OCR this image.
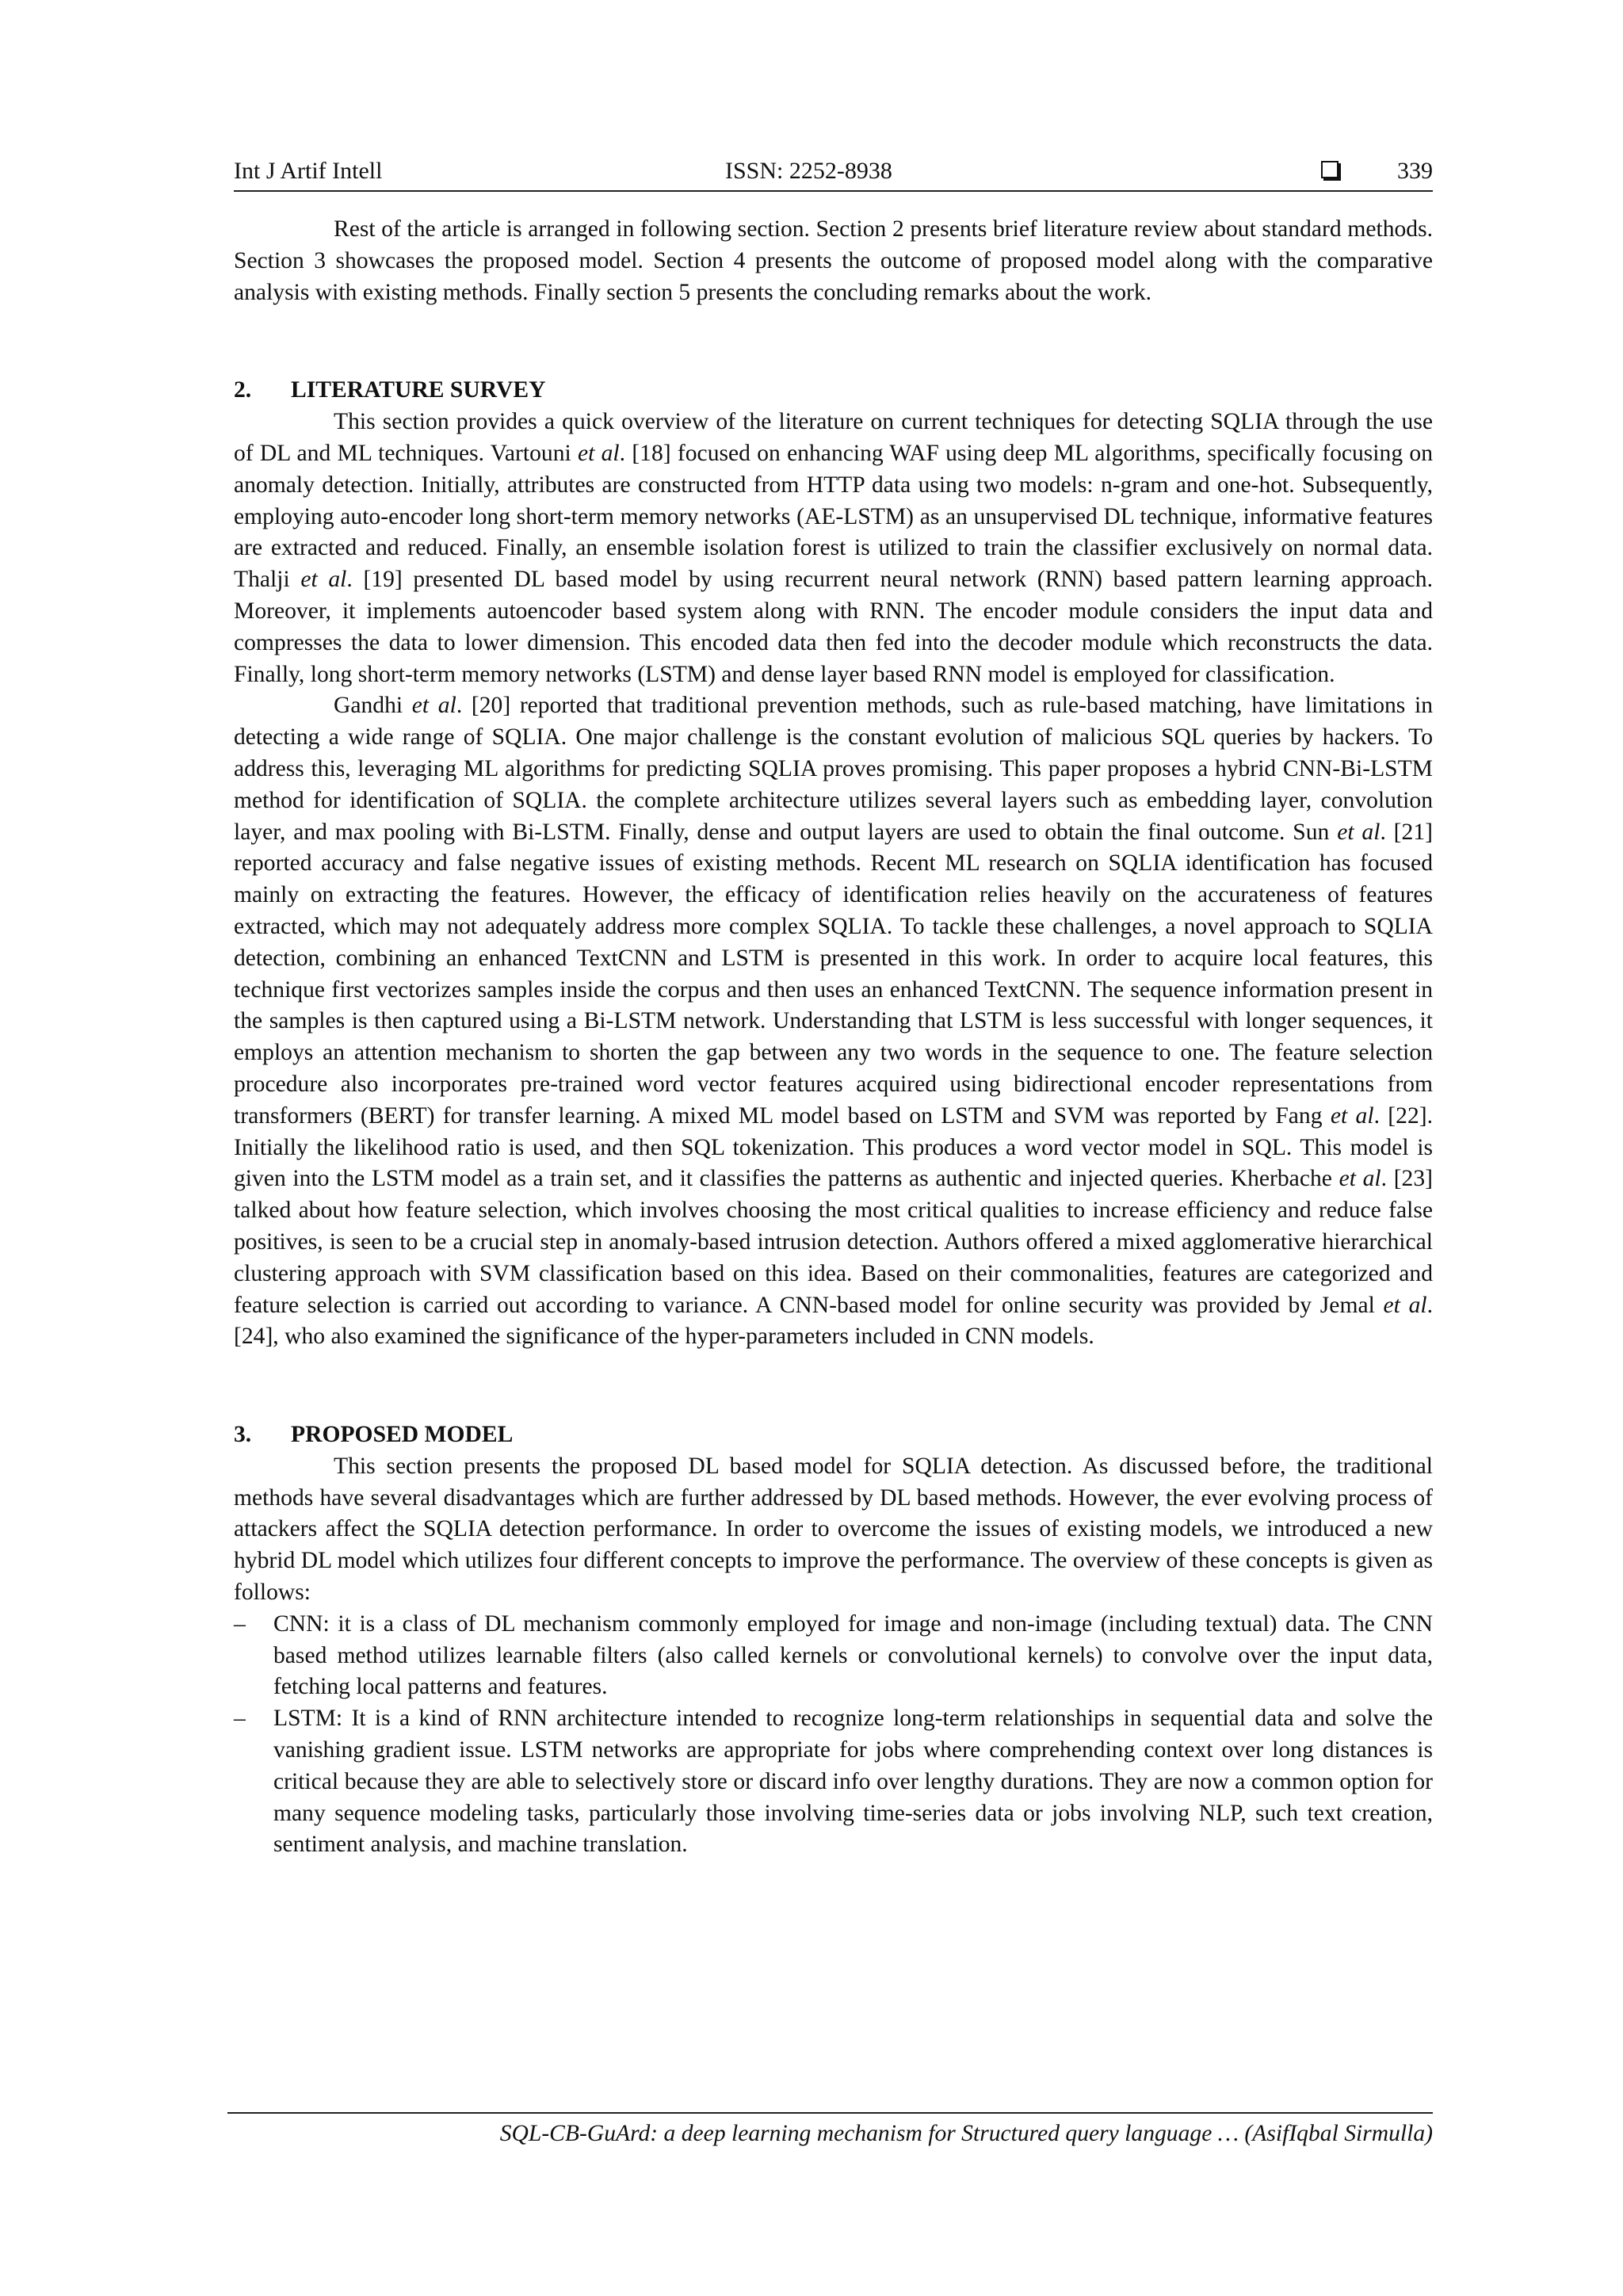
Int J Artif Intell	ISSN: 2252-8938	339

Rest of the article is arranged in following section. Section 2 presents brief literature review about standard methods. Section 3 showcases the proposed model. Section 4 presents the outcome of proposed model along with the comparative analysis with existing methods. Finally section 5 presents the concluding remarks about the work.

2. LITERATURE SURVEY

This section provides a quick overview of the literature on current techniques for detecting SQLIA through the use of DL and ML techniques. Vartouni et al. [18] focused on enhancing WAF using deep ML algorithms, specifically focusing on anomaly detection. Initially, attributes are constructed from HTTP data using two models: n-gram and one-hot. Subsequently, employing auto-encoder long short-term memory networks (AE-LSTM) as an unsupervised DL technique, informative features are extracted and reduced. Finally, an ensemble isolation forest is utilized to train the classifier exclusively on normal data. Thalji et al. [19] presented DL based model by using recurrent neural network (RNN) based pattern learning approach. Moreover, it implements autoencoder based system along with RNN. The encoder module considers the input data and compresses the data to lower dimension. This encoded data then fed into the decoder module which reconstructs the data. Finally, long short-term memory networks (LSTM) and dense layer based RNN model is employed for classification.

Gandhi et al. [20] reported that traditional prevention methods, such as rule-based matching, have limitations in detecting a wide range of SQLIA. One major challenge is the constant evolution of malicious SQL queries by hackers. To address this, leveraging ML algorithms for predicting SQLIA proves promising. This paper proposes a hybrid CNN-Bi-LSTM method for identification of SQLIA. the complete architecture utilizes several layers such as embedding layer, convolution layer, and max pooling with Bi-LSTM. Finally, dense and output layers are used to obtain the final outcome. Sun et al. [21] reported accuracy and false negative issues of existing methods. Recent ML research on SQLIA identification has focused mainly on extracting the features. However, the efficacy of identification relies heavily on the accurateness of features extracted, which may not adequately address more complex SQLIA. To tackle these challenges, a novel approach to SQLIA detection, combining an enhanced TextCNN and LSTM is presented in this work. In order to acquire local features, this technique first vectorizes samples inside the corpus and then uses an enhanced TextCNN. The sequence information present in the samples is then captured using a Bi-LSTM network. Understanding that LSTM is less successful with longer sequences, it employs an attention mechanism to shorten the gap between any two words in the sequence to one. The feature selection procedure also incorporates pre-trained word vector features acquired using bidirectional encoder representations from transformers (BERT) for transfer learning. A mixed ML model based on LSTM and SVM was reported by Fang et al. [22]. Initially the likelihood ratio is used, and then SQL tokenization. This produces a word vector model in SQL. This model is given into the LSTM model as a train set, and it classifies the patterns as authentic and injected queries. Kherbache et al. [23] talked about how feature selection, which involves choosing the most critical qualities to increase efficiency and reduce false positives, is seen to be a crucial step in anomaly-based intrusion detection. Authors offered a mixed agglomerative hierarchical clustering approach with SVM classification based on this idea. Based on their commonalities, features are categorized and feature selection is carried out according to variance. A CNN-based model for online security was provided by Jemal et al. [24], who also examined the significance of the hyper-parameters included in CNN models.

3. PROPOSED MODEL

This section presents the proposed DL based model for SQLIA detection. As discussed before, the traditional methods have several disadvantages which are further addressed by DL based methods. However, the ever evolving process of attackers affect the SQLIA detection performance. In order to overcome the issues of existing models, we introduced a new hybrid DL model which utilizes four different concepts to improve the performance. The overview of these concepts is given as follows:

– CNN: it is a class of DL mechanism commonly employed for image and non-image (including textual) data. The CNN based method utilizes learnable filters (also called kernels or convolutional kernels) to convolve over the input data, fetching local patterns and features.
– LSTM: It is a kind of RNN architecture intended to recognize long-term relationships in sequential data and solve the vanishing gradient issue. LSTM networks are appropriate for jobs where comprehending context over long distances is critical because they are able to selectively store or discard info over lengthy durations. They are now a common option for many sequence modeling tasks, particularly those involving time-series data or jobs involving NLP, such text creation, sentiment analysis, and machine translation.
SQL-CB-GuArd: a deep learning mechanism for Structured query language … (AsifIqbal Sirmulla)
